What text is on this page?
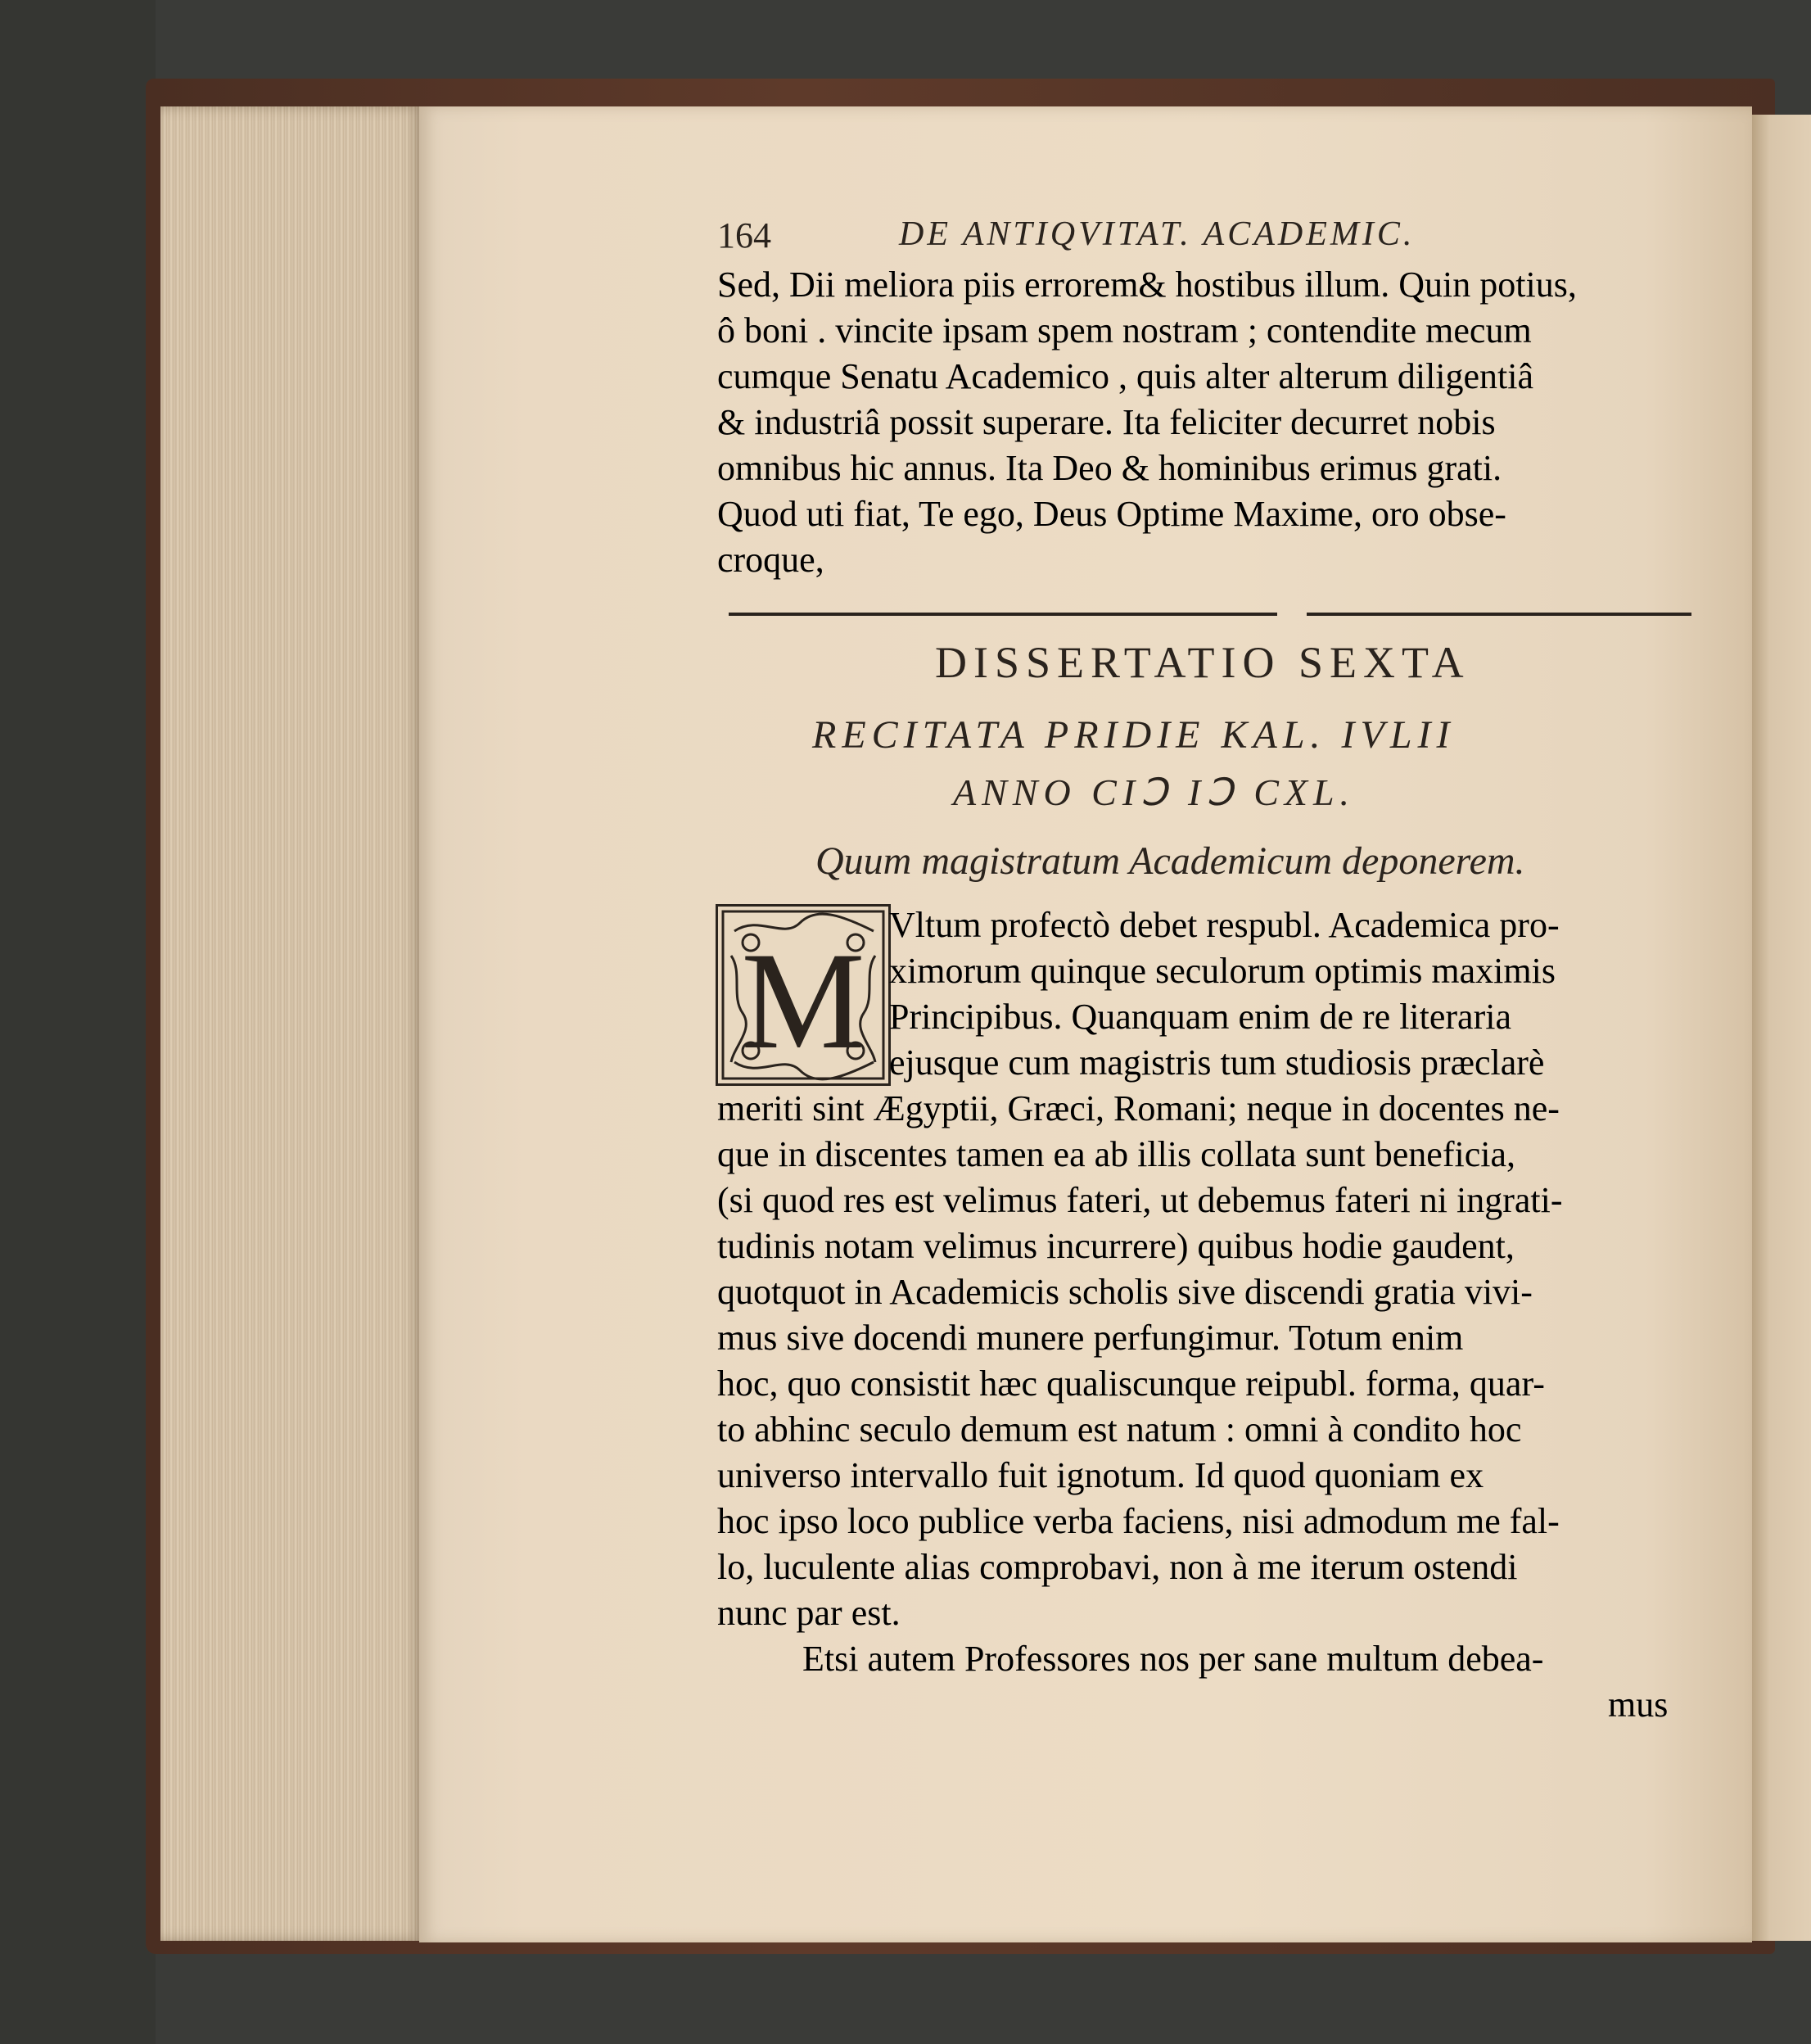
164	DE ANTIQVITAT. ACADEMIC.
Sed, Dii meliora piis errorem& hostibus illum. Quin potius,
ô boni . vincite ipsam spem nostram ; contendite mecum
cumque Senatu Academico , quis alter alterum diligentiâ
& industriâ possit superare. Ita feliciter decurret nobis
omnibus hic annus. Ita Deo & hominibus erimus grati.
Quod uti fiat, Te ego, Deus Optime Maxime, oro obse-
croque,
DISSERTATIO SEXTA
RECITATA PRIDIE KAL. IVLII
ANNO CIↃ IↃ CXL.
Quum magistratum Academicum deponerem.
M Vltum profectò debet respubl. Academica pro-
ximorum quinque seculorum optimis maximis
Principibus. Quanquam enim de re literaria
ejusque cum magistris tum studiosis præclarè
meriti sint Ægyptii, Græci, Romani; neque in docentes ne-
que in discentes tamen ea ab illis collata sunt beneficia,
(si quod res est velimus fateri, ut debemus fateri ni ingrati-
tudinis notam velimus incurrere) quibus hodie gaudent,
quotquot in Academicis scholis sive discendi gratia vivi-
mus sive docendi munere perfungimur. Totum enim
hoc, quo consistit hæc qualiscunque reipubl. forma, quar-
to abhinc seculo demum est natum : omni à condito hoc
universo intervallo fuit ignotum. Id quod quoniam ex
hoc ipso loco publice verba faciens, nisi admodum me fal-
lo, luculente alias comprobavi, non à me iterum ostendi
nunc par est.
Etsi autem Professores nos per sane multum debea-
mus
